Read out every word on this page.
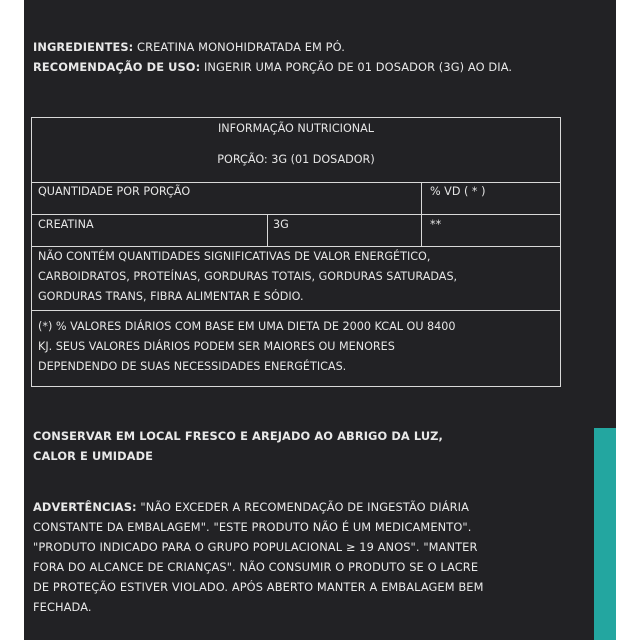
INGREDIENTES: CREATINA MONOHIDRATADA EM PÓ.
RECOMENDAÇÃO DE USO: INGERIR UMA PORÇÃO DE 01 DOSADOR (3G) AO DIA.
INFORMAÇÃO NUTRICIONAL
PORÇÃO: 3G (01 DOSADOR)
QUANTIDADE POR PORÇÃO	% VD ( * )
CREATINA	3G	**
NÃO CONTÉM QUANTIDADES SIGNIFICATIVAS DE VALOR ENERGÉTICO,
CARBOIDRATOS, PROTEÍNAS, GORDURAS TOTAIS, GORDURAS SATURADAS,
GORDURAS TRANS, FIBRA ALIMENTAR E SÓDIO.
(*) % VALORES DIÁRIOS COM BASE EM UMA DIETA DE 2000 KCAL OU 8400
KJ. SEUS VALORES DIÁRIOS PODEM SER MAIORES OU MENORES
DEPENDENDO DE SUAS NECESSIDADES ENERGÉTICAS.
CONSERVAR EM LOCAL FRESCO E AREJADO AO ABRIGO DA LUZ,
CALOR E UMIDADE
ADVERTÊNCIAS: "NÃO EXCEDER A RECOMENDAÇÃO DE INGESTÃO DIÁRIA
CONSTANTE DA EMBALAGEM". "ESTE PRODUTO NÃO É UM MEDICAMENTO".
"PRODUTO INDICADO PARA O GRUPO POPULACIONAL ≥ 19 ANOS". "MANTER
FORA DO ALCANCE DE CRIANÇAS". NÃO CONSUMIR O PRODUTO SE O LACRE
DE PROTEÇÃO ESTIVER VIOLADO. APÓS ABERTO MANTER A EMBALAGEM BEM
FECHADA.
